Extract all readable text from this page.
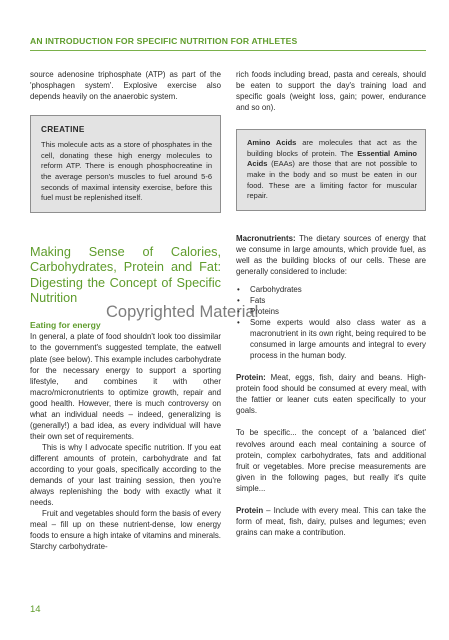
AN INTRODUCTION FOR SPECIFIC NUTRITION FOR ATHLETES

source adenosine triphosphate (ATP) as part of the 'phosphagen system'. Explosive exercise also depends heavily on the anaerobic system.

CREATINE

This molecule acts as a store of phosphates in the cell, donating these high energy molecules to reform ATP. There is enough phosphocreatine in the average person's muscles to fuel around 5-6 seconds of maximal intensity exercise, before this fuel must be replenished itself.

Making Sense of Calories, Carbohydrates, Protein and Fat: Digesting the Concept of Specific Nutrition
Eating for energy

In general, a plate of food shouldn't look too dissimilar to the government's suggested template, the eatwell plate (see below). This example includes carbohydrate for the necessary energy to support a sporting lifestyle, and combines it with other macro/micronutrients to optimize growth, repair and good health. However, there is much controversy on what an individual needs – indeed, generalizing is (generally!) a bad idea, as every individual will have their own set of requirements.

This is why I advocate specific nutrition. If you eat different amounts of protein, carbohydrate and fat according to your goals, specifically according to the demands of your last training session, then you're always replenishing the body with exactly what it needs.

Fruit and vegetables should form the basis of every meal – fill up on these nutrient-dense, low energy foods to ensure a high intake of vitamins and minerals. Starchy carbohydrate-

rich foods including bread, pasta and cereals, should be eaten to support the day's training load and specific goals (weight loss, gain; power, endurance and so on).

Amino Acids are molecules that act as the building blocks of protein. The Essential Amino Acids (EAAs) are those that are not possible to make in the body and so must be eaten in our food. These are a limiting factor for muscular repair.

Macronutrients: The dietary sources of energy that we consume in large amounts, which provide fuel, as well as the building blocks of our cells. These are generally considered to include:

• Carbohydrates
• Fats
• Proteins
• Some experts would also class water as a macronutrient in its own right, being required to be consumed in large amounts and integral to every process in the human body.

Protein: Meat, eggs, fish, dairy and beans. High-protein food should be consumed at every meal, with the fattier or leaner cuts eaten specifically to your goals.

To be specific... the concept of a 'balanced diet' revolves around each meal containing a source of protein, complex carbohydrates, fats and additional fruit or vegetables. More precise measurements are given in the following pages, but really it's quite simple...

Protein – Include with every meal. This can take the form of meat, fish, dairy, pulses and legumes; even grains can make a contribution.

Copyrighted Material
14
